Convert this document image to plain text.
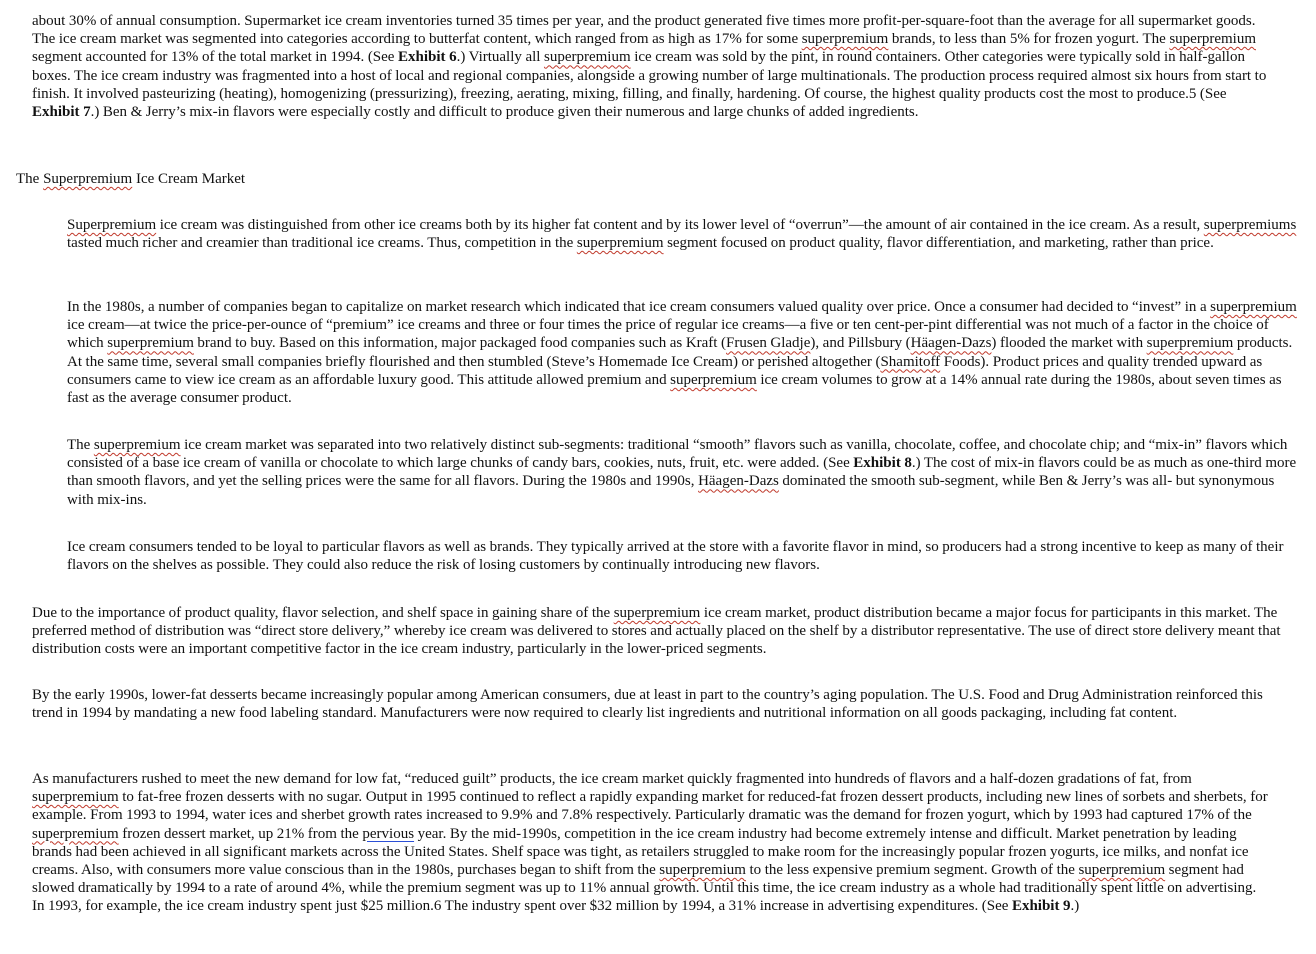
about 30% of annual consumption. Supermarket ice cream inventories turned 35 times per year, and the product generated five times more profit-per-square-foot than the average for all supermarket goods. The ice cream market was segmented into categories according to butterfat content, which ranged from as high as 17% for some superpremium brands, to less than 5% for frozen yogurt. The superpremium segment accounted for 13% of the total market in 1994. (See Exhibit 6.) Virtually all superpremium ice cream was sold by the pint, in round containers. Other categories were typically sold in half-gallon boxes. The ice cream industry was fragmented into a host of local and regional companies, alongside a growing number of large multinationals. The production process required almost six hours from start to finish. It involved pasteurizing (heating), homogenizing (pressurizing), freezing, aerating, mixing, filling, and finally, hardening. Of course, the highest quality products cost the most to produce.5 (See Exhibit 7.) Ben & Jerry’s mix-in flavors were especially costly and difficult to produce given their numerous and large chunks of added ingredients.

The Superpremium Ice Cream Market

Superpremium ice cream was distinguished from other ice creams both by its higher fat content and by its lower level of “overrun”—the amount of air contained in the ice cream. As a result, superpremiums tasted much richer and creamier than traditional ice creams. Thus, competition in the superpremium segment focused on product quality, flavor differentiation, and marketing, rather than price.

In the 1980s, a number of companies began to capitalize on market research which indicated that ice cream consumers valued quality over price. Once a consumer had decided to “invest” in a superpremium ice cream—at twice the price-per-ounce of “premium” ice creams and three or four times the price of regular ice creams—a five or ten cent-per-pint differential was not much of a factor in the choice of which superpremium brand to buy. Based on this information, major packaged food companies such as Kraft (Frusen Gladje), and Pillsbury (Häagen-Dazs) flooded the market with superpremium products. At the same time, several small companies briefly flourished and then stumbled (Steve’s Homemade Ice Cream) or perished altogether (Shamitoff Foods). Product prices and quality trended upward as consumers came to view ice cream as an affordable luxury good. This attitude allowed premium and superpremium ice cream volumes to grow at a 14% annual rate during the 1980s, about seven times as fast as the average consumer product.

The superpremium ice cream market was separated into two relatively distinct sub-segments: traditional “smooth” flavors such as vanilla, chocolate, coffee, and chocolate chip; and “mix-in” flavors which consisted of a base ice cream of vanilla or chocolate to which large chunks of candy bars, cookies, nuts, fruit, etc. were added. (See Exhibit 8.) The cost of mix-in flavors could be as much as one-third more than smooth flavors, and yet the selling prices were the same for all flavors. During the 1980s and 1990s, Häagen-Dazs dominated the smooth sub-segment, while Ben & Jerry’s was all- but synonymous with mix-ins.

Ice cream consumers tended to be loyal to particular flavors as well as brands. They typically arrived at the store with a favorite flavor in mind, so producers had a strong incentive to keep as many of their flavors on the shelves as possible. They could also reduce the risk of losing customers by continually introducing new flavors.

Due to the importance of product quality, flavor selection, and shelf space in gaining share of the superpremium ice cream market, product distribution became a major focus for participants in this market. The preferred method of distribution was “direct store delivery,” whereby ice cream was delivered to stores and actually placed on the shelf by a distributor representative. The use of direct store delivery meant that distribution costs were an important competitive factor in the ice cream industry, particularly in the lower-priced segments.

By the early 1990s, lower-fat desserts became increasingly popular among American consumers, due at least in part to the country’s aging population. The U.S. Food and Drug Administration reinforced this trend in 1994 by mandating a new food labeling standard. Manufacturers were now required to clearly list ingredients and nutritional information on all goods packaging, including fat content.

As manufacturers rushed to meet the new demand for low fat, “reduced guilt” products, the ice cream market quickly fragmented into hundreds of flavors and a half-dozen gradations of fat, from superpremium to fat-free frozen desserts with no sugar. Output in 1995 continued to reflect a rapidly expanding market for reduced-fat frozen dessert products, including new lines of sorbets and sherbets, for example. From 1993 to 1994, water ices and sherbet growth rates increased to 9.9% and 7.8% respectively. Particularly dramatic was the demand for frozen yogurt, which by 1993 had captured 17% of the superpremium frozen dessert market, up 21% from the pervious year. By the mid-1990s, competition in the ice cream industry had become extremely intense and difficult. Market penetration by leading brands had been achieved in all significant markets across the United States. Shelf space was tight, as retailers struggled to make room for the increasingly popular frozen yogurts, ice milks, and nonfat ice creams. Also, with consumers more value conscious than in the 1980s, purchases began to shift from the superpremium to the less expensive premium segment. Growth of the superpremium segment had slowed dramatically by 1994 to a rate of around 4%, while the premium segment was up to 11% annual growth. Until this time, the ice cream industry as a whole had traditionally spent little on advertising. In 1993, for example, the ice cream industry spent just $25 million.6 The industry spent over $32 million by 1994, a 31% increase in advertising expenditures. (See Exhibit 9.)
